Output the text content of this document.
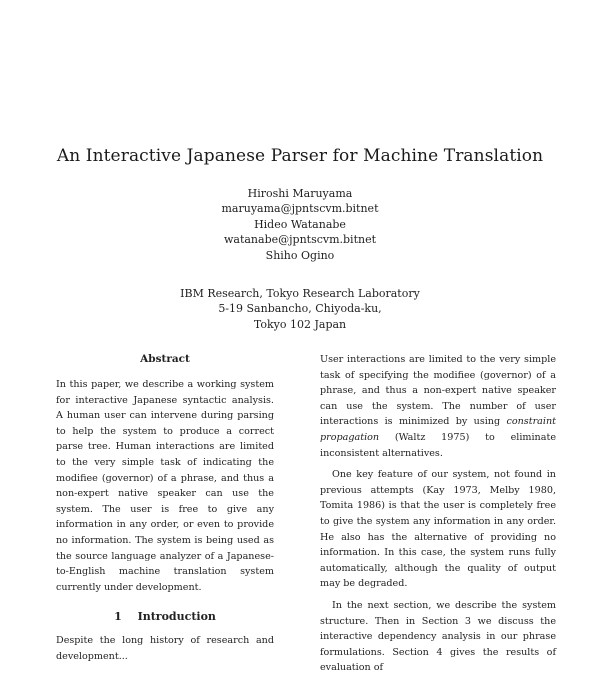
An Interactive Japanese Parser for Machine Translation
Hiroshi Maruyama
maruyama@jpntscvm.bitnet
Hideo Watanabe
watanabe@jpntscvm.bitnet
Shiho Ogino
IBM Research, Tokyo Research Laboratory
5-19 Sanbancho, Chiyoda-ku,
Tokyo 102 Japan
Abstract

In this paper, we describe a working system for interactive Japanese syntactic analysis. A human user can intervene during parsing to help the system to produce a correct parse tree. Human interactions are limited to the very simple task of indicating the modifiee (governor) of a phrase, and thus a non-expert native speaker can use the system. The user is free to give any information in any order, or even to provide no information. The system is being used as the source language analyzer of a Japanese-to-English machine translation system currently under development.

1 Introduction

Despite the long history of research and development...

User interactions are limited to the very simple task of specifying the modifiee (governor) of a phrase, and thus a non-expert native speaker can use the system. The number of user interactions is minimized by using constraint propagation (Waltz 1975) to eliminate inconsistent alternatives.

One key feature of our system, not found in previous attempts (Kay 1973, Melby 1980, Tomita 1986) is that the user is completely free to give the system any information in any order. He also has the alternative of providing no information. In this case, the system runs fully automatically, although the quality of output may be degraded.

In the next section, we describe the system structure. Then in Section 3 we discuss the interactive dependency analysis in our phrase formulations. Section 4 gives the results of evaluation of
